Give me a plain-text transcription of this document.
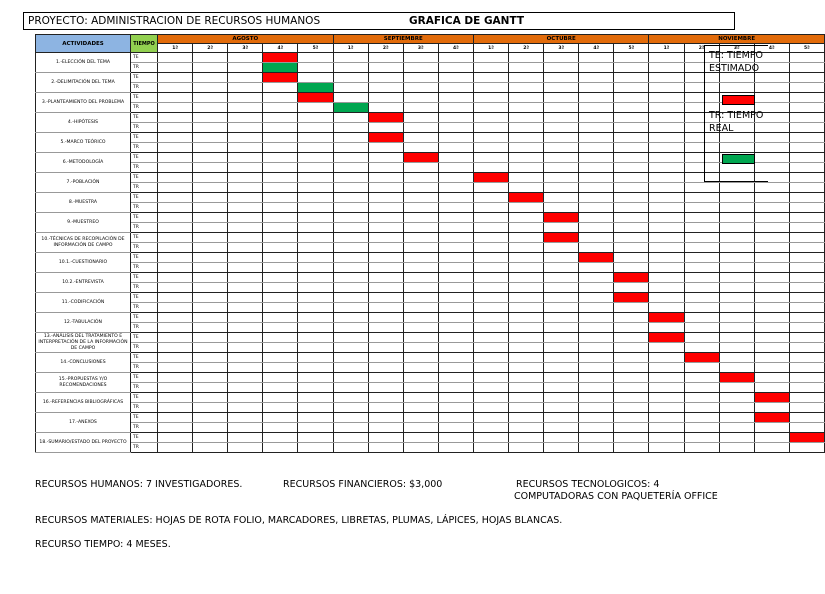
PROYECTO: ADMINISTRACION DE RECURSOS HUMANOS	GRAFICA DE GANTT
ACTIVIDADES	TIEMPO	AGOSTO					SEPTIEMBRE				OCTUBRE					NOVIEMBRE				
		1ª	2ª	3ª	4ª	5ª	1ª	2ª	3ª	4ª	1ª	2ª	3ª	4ª	5ª	1ª	2ª	3ª	4ª	5ª
1.-ELECCIÓN DEL TEMA	TE																			
	TR																			
2.-DELIMITACIÓN DEL TEMA	TE																			
	TR																			
3.-PLANTEAMIENTO DEL PROBLEMA	TE																			
	TR																			
4.-HIPÓTESIS	TE																			
	TR																			
5.-MARCO TEÓRICO	TE																			
	TR																			
6.-METODOLOGÍA	TE																			
	TR																			
7.-POBLACIÓN	TE																			
	TR																			
8.-MUESTRA	TE																			
	TR																			
9.-MUESTREO	TE																			
	TR																			
10.-TÉCNICAS DE RECOPILACIÓN DE INFORMACIÓN DE CAMPO	TE																			
	TR																			
10.1.-CUESTIONARIO	TE																			
	TR																			
10.2.-ENTREVISTA	TE																			
	TR																			
11.-CODIFICACIÓN	TE																			
	TR																			
12.-TABULACIÓN	TE																			
	TR																			
13.-ANÁLISIS DEL TRATAMIENTO E INTERPRETACIÓN DE LA INFORMACIÓN DE CAMPO	TE																			
	TR																			
14.-CONCLUSIONES	TE																			
	TR																			
15.-PROPUESTAS Y/O RECOMENDACIONES	TE																			
	TR																			
16.-REFERENCIAS BIBLIOGRÁFICAS	TE																			
	TR																			
17.-ANEXOS	TE																			
	TR																			
18.-SUMARIO/ESTADO DEL PROYECTO	TE																			
	TR																			
TE: TIEMPO ESTIMADO
TR: TIEMPO REAL
RECURSOS HUMANOS: 7 INVESTIGADORES.	RECURSOS FINANCIEROS: $3,000	RECURSOS TECNOLOGICOS: 4
COMPUTADORAS CON PAQUETERÍA OFFICE
RECURSOS MATERIALES: HOJAS DE ROTA FOLIO, MARCADORES, LIBRETAS, PLUMAS, LÁPICES, HOJAS BLANCAS.
RECURSO TIEMPO: 4 MESES.
